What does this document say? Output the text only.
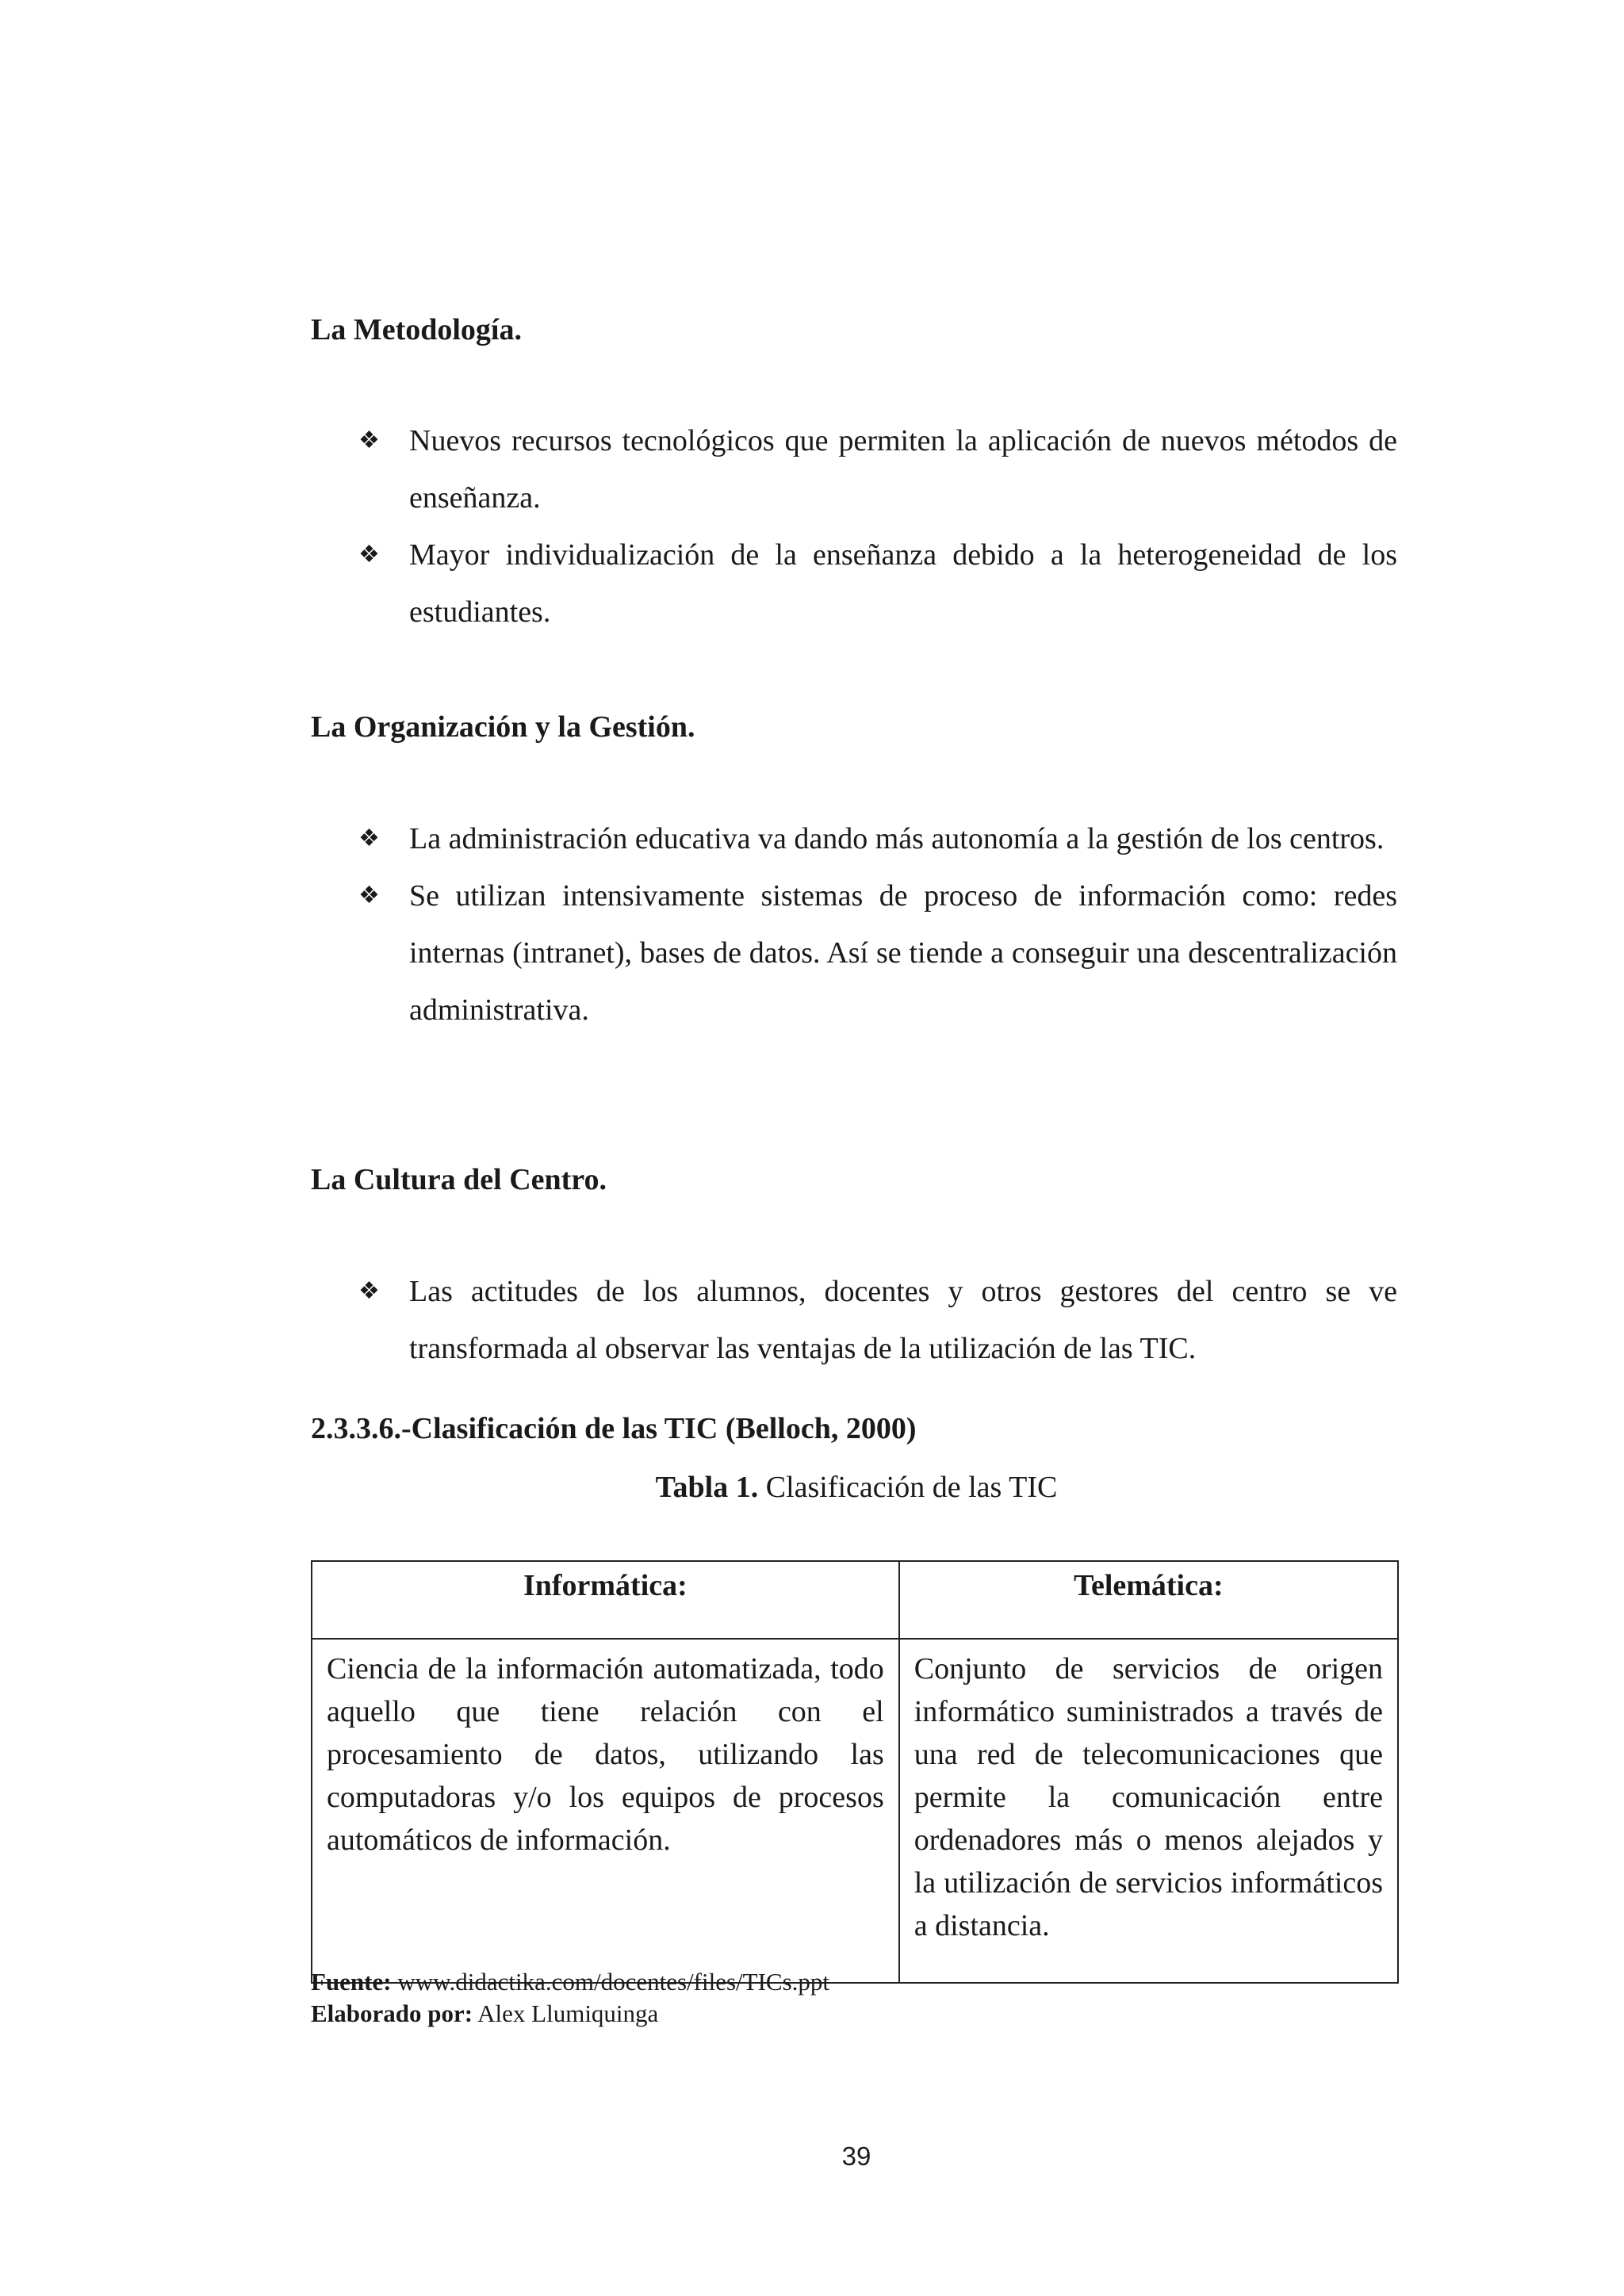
La Metodología.
❖ Nuevos recursos tecnológicos que permiten la aplicación de nuevos métodos de enseñanza.
❖ Mayor individualización de la enseñanza debido a la heterogeneidad de los estudiantes.
La Organización y la Gestión.
❖ La administración educativa va dando más autonomía a la gestión de los centros.
❖ Se utilizan intensivamente sistemas de proceso de información como: redes internas (intranet), bases de datos. Así se tiende a conseguir una descentralización administrativa.
La Cultura del Centro.
❖ Las actitudes de los alumnos, docentes y otros gestores del centro se ve transformada al observar las ventajas de la utilización de las TIC.
2.3.3.6.-Clasificación de las TIC (Belloch, 2000)
Tabla 1. Clasificación de las TIC
Informática:	Telemática:
Ciencia de la información automatizada, todo aquello que tiene relación con el procesamiento de datos, utilizando las computadoras y/o los equipos de procesos automáticos de información.	Conjunto de servicios de origen informático suministrados a través de una red de telecomunicaciones que permite la comunicación entre ordenadores más o menos alejados y la utilización de servicios informáticos a distancia.
Fuente: www.didactika.com/docentes/files/TICs.ppt
Elaborado por: Alex Llumiquinga
39
